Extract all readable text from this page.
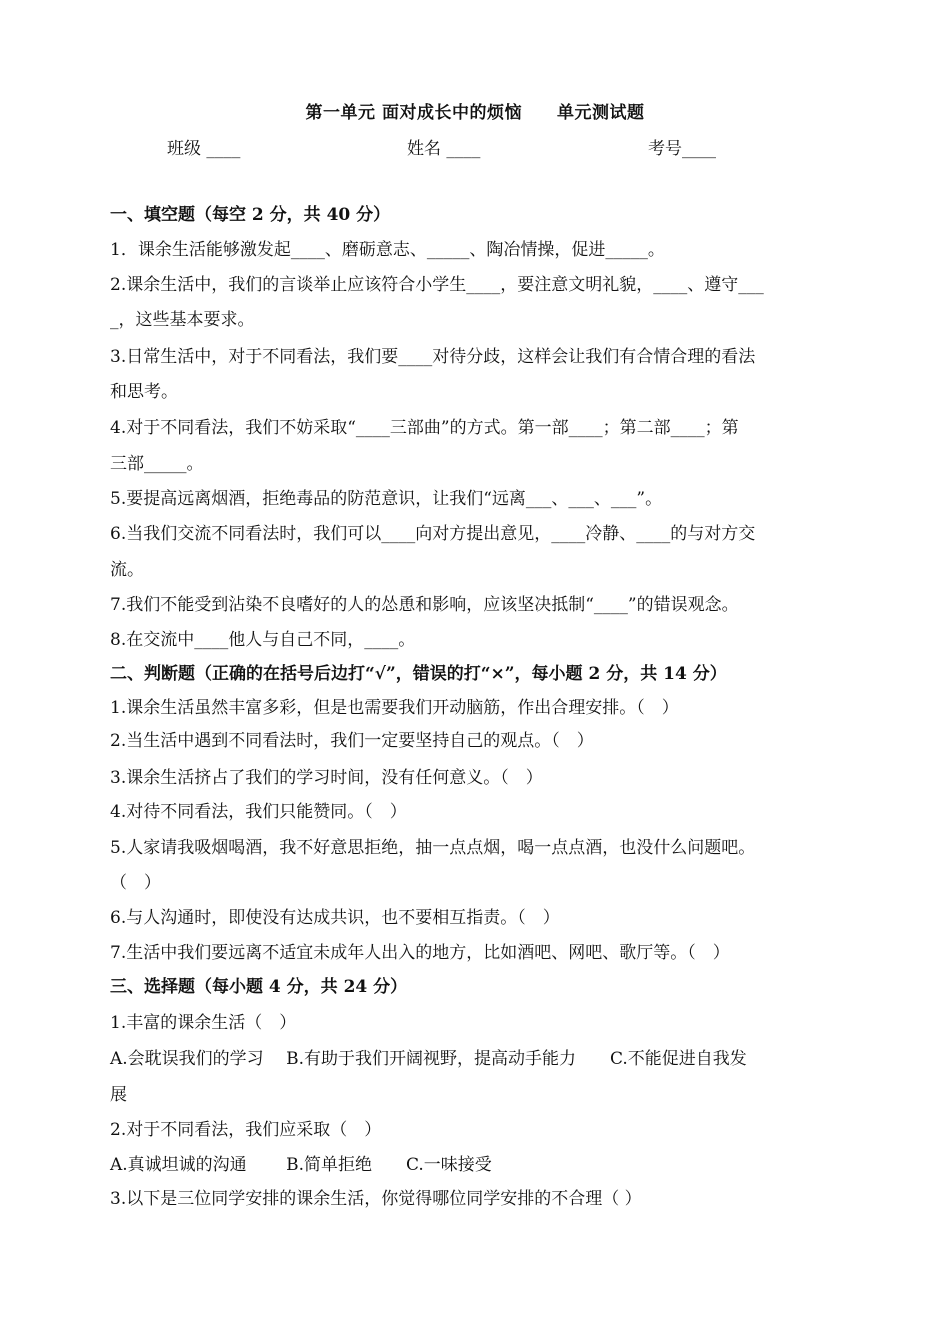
第一单元 面对成长中的烦恼　　单元测试题
班级 ____	姓名 ____	考号____
一、填空题（每空 2 分，共 40 分）
1．课余生活能够激发起____、磨砺意志、_____、陶冶情操，促进_____。
2.课余生活中，我们的言谈举止应该符合小学生____，要注意文明礼貌，____、遵守___
_，这些基本要求。
3.日常生活中，对于不同看法，我们要____对待分歧，这样会让我们有合情合理的看法
和思考。
4.对于不同看法，我们不妨采取“____三部曲”的方式。第一部____；第二部____；第
三部_____。
5.要提高远离烟酒，拒绝毒品的防范意识，让我们“远离___、___、___”。
6.当我们交流不同看法时，我们可以____向对方提出意见，____冷静、____的与对方交
流。
7.我们不能受到沾染不良嗜好的人的怂恿和影响，应该坚决抵制“____”的错误观念。
8.在交流中____他人与自己不同，____。
二、判断题（正确的在括号后边打“√”，错误的打“×”，每小题 2 分，共 14 分）
1.课余生活虽然丰富多彩，但是也需要我们开动脑筋，作出合理安排。（　）
2.当生活中遇到不同看法时，我们一定要坚持自己的观点。（　）
3.课余生活挤占了我们的学习时间，没有任何意义。（　）
4.对待不同看法，我们只能赞同。（　）
5.人家请我吸烟喝酒，我不好意思拒绝，抽一点点烟，喝一点点酒，也没什么问题吧。
（　）
6.与人沟通时，即使没有达成共识，也不要相互指责。（　）
7.生活中我们要远离不适宜未成年人出入的地方，比如酒吧、网吧、歌厅等。（　）
三、选择题（每小题 4 分，共 24 分）
1.丰富的课余生活（　）
A.会耽误我们的学习　 B.有助于我们开阔视野，提高动手能力　　C.不能促进自我发
展
2.对于不同看法，我们应采取（　）
A.真诚坦诚的沟通　　 B.简单拒绝　　C.一味接受
3.以下是三位同学安排的课余生活，你觉得哪位同学安排的不合理（ ）
